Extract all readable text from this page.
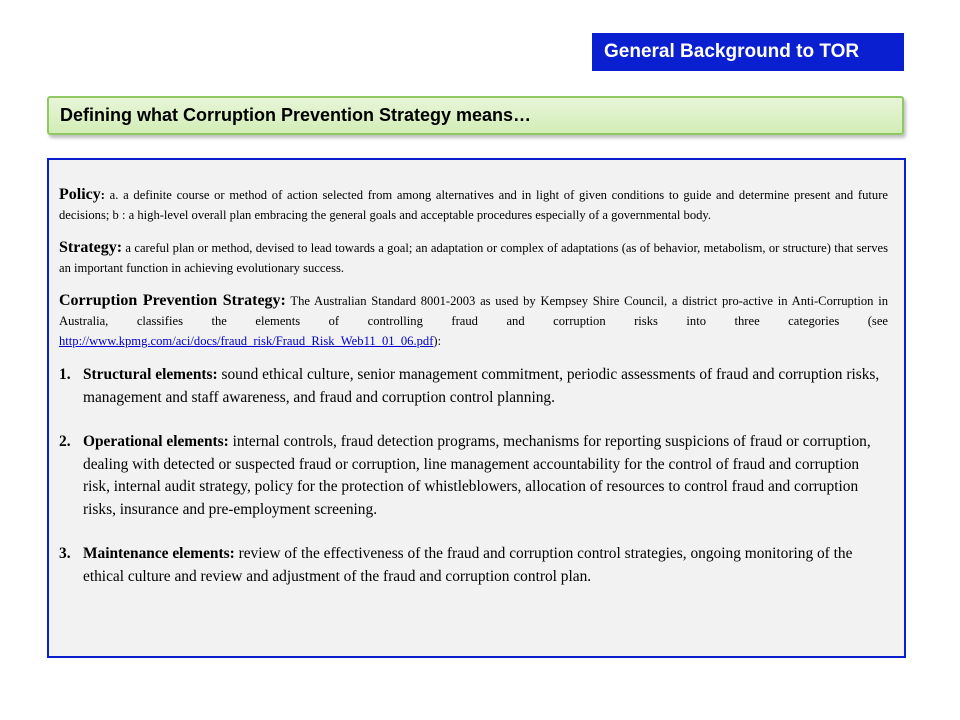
General Background to TOR
Defining what Corruption Prevention Strategy means…

Policy: a. a definite course or method of action selected from among alternatives and in light of given conditions to guide and determine present and future decisions; b : a high-level overall plan embracing the general goals and acceptable procedures especially of a governmental body.

Strategy: a careful plan or method, devised to lead towards a goal; an adaptation or complex of adaptations (as of behavior, metabolism, or structure) that serves an important function in achieving evolutionary success.

Corruption Prevention Strategy: The Australian Standard 8001-2003 as used by Kempsey Shire Council, a district pro-active in Anti-Corruption in Australia, classifies the elements of controlling fraud and corruption risks into three categories (see http://www.kpmg.com/aci/docs/fraud_risk/Fraud_Risk_Web11_01_06.pdf):

1. Structural elements: sound ethical culture, senior management commitment, periodic assessments of fraud and corruption risks, management and staff awareness, and fraud and corruption control planning.
2. Operational elements: internal controls, fraud detection programs, mechanisms for reporting suspicions of fraud or corruption, dealing with detected or suspected fraud or corruption, line management accountability for the control of fraud and corruption risk, internal audit strategy, policy for the protection of whistleblowers, allocation of resources to control fraud and corruption risks, insurance and pre-employment screening.
3. Maintenance elements: review of the effectiveness of the fraud and corruption control strategies, ongoing monitoring of the ethical culture and review and adjustment of the fraud and corruption control plan.
